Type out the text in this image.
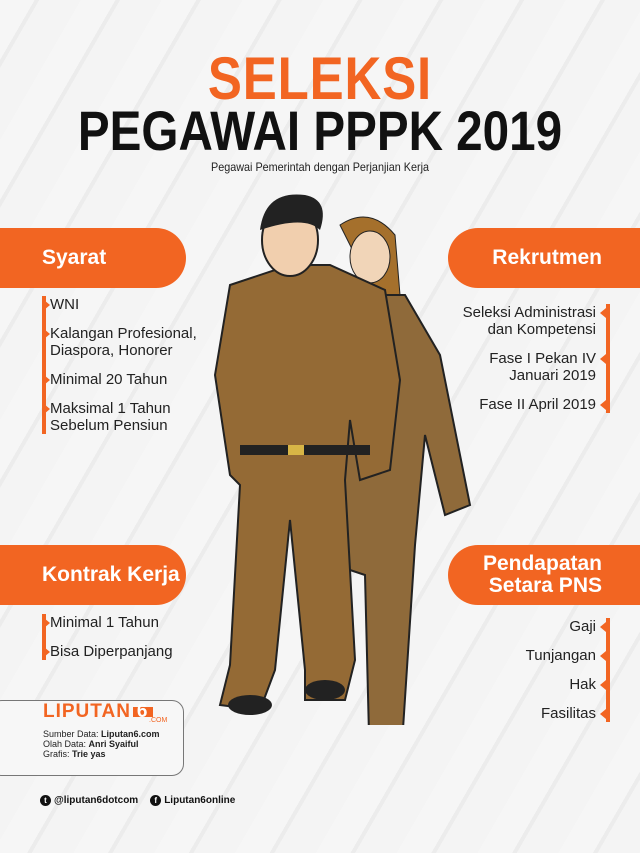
SELEKSI
PEGAWAI PPPK 2019
Pegawai Pemerintah dengan Perjanjian Kerja
Syarat
WNI
Kalangan Profesional, Diaspora, Honorer
Minimal 20 Tahun
Maksimal 1 Tahun Sebelum Pensiun
Rekrutmen
Seleksi Administrasi dan Kompetensi
Fase I Pekan IV Januari 2019
Fase II April 2019
Kontrak Kerja
Minimal 1 Tahun
Bisa Diperpanjang
Pendapatan Setara PNS
Gaji
Tunjangan
Hak
Fasilitas
LIPUTAN 6 .COM
Sumber Data: Liputan6.com
Olah Data: Anri Syaiful
Grafis: Trie yas
t @liputan6dotcom	f Liputan6online
